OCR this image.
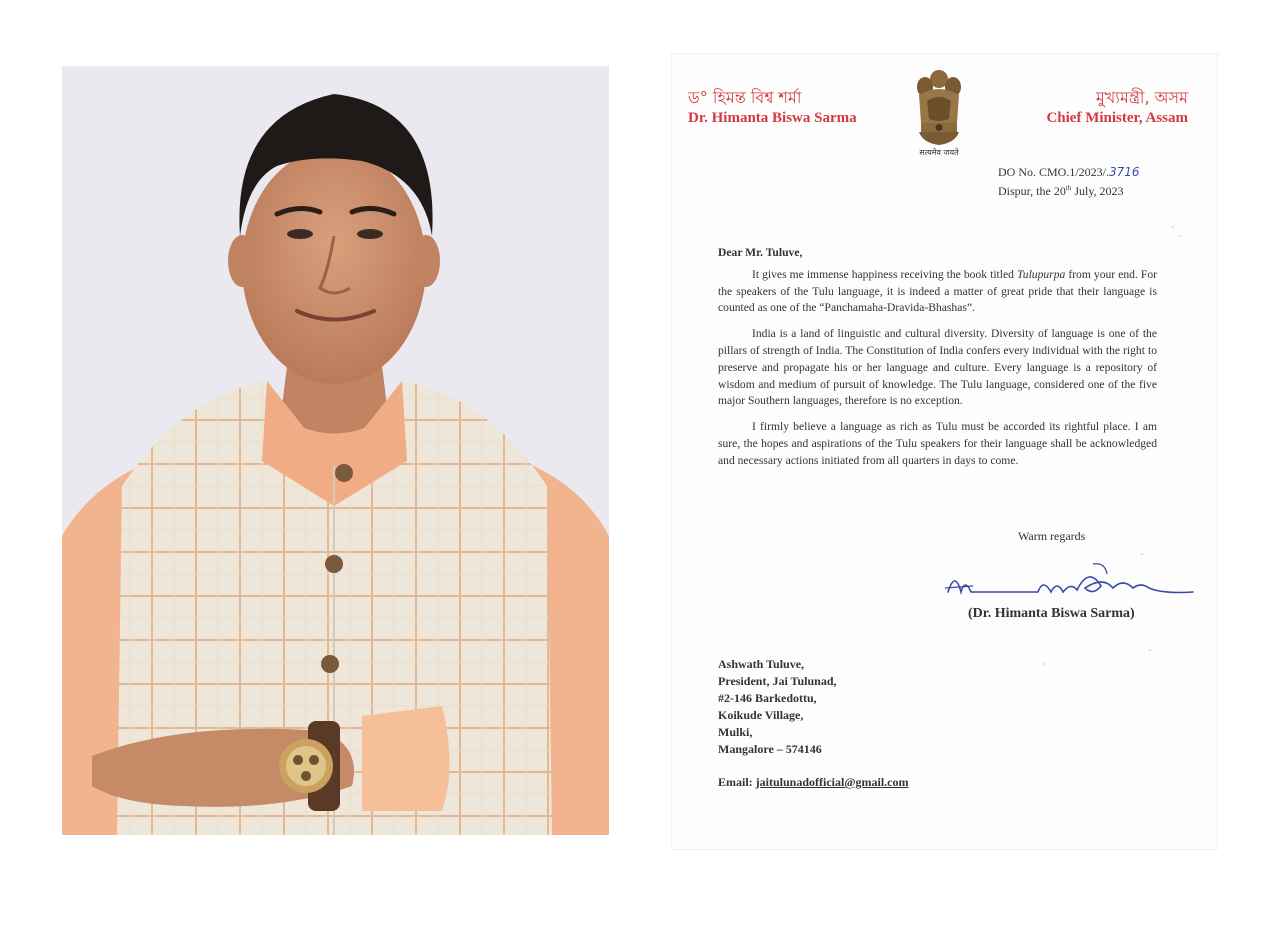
ড° হিমন্ত বিশ্ব শৰ্মা
Dr. Himanta Biswa Sarma
सत्यमेव जयते
মুখ্যমন্ত্ৰী, অসম
Chief Minister, Assam
DO No. CMO.1/2023/.3716
Dispur, the 20th July, 2023

Dear Mr. Tuluve,

It gives me immense happiness receiving the book titled Tulupurpa from your end. For the speakers of the Tulu language, it is indeed a matter of great pride that their language is counted as one of the “Panchamaha-Dravida-Bhashas”.

India is a land of linguistic and cultural diversity. Diversity of language is one of the pillars of strength of India. The Constitution of India confers every individual with the right to preserve and propagate his or her language and culture. Every language is a repository of wisdom and medium of pursuit of knowledge. The Tulu language, considered one of the five major Southern languages, therefore is no exception.

I firmly believe a language as rich as Tulu must be accorded its rightful place. I am sure, the hopes and aspirations of the Tulu speakers for their language shall be acknowledged and necessary actions initiated from all quarters in days to come.

Warm regards
(Dr. Himanta Biswa Sarma)
Ashwath Tuluve,
President, Jai Tulunad,
#2-146 Barkedottu,
Koikude Village,
Mulki,
Mangalore – 574146
Email: jaitulunadofficial@gmail.com
